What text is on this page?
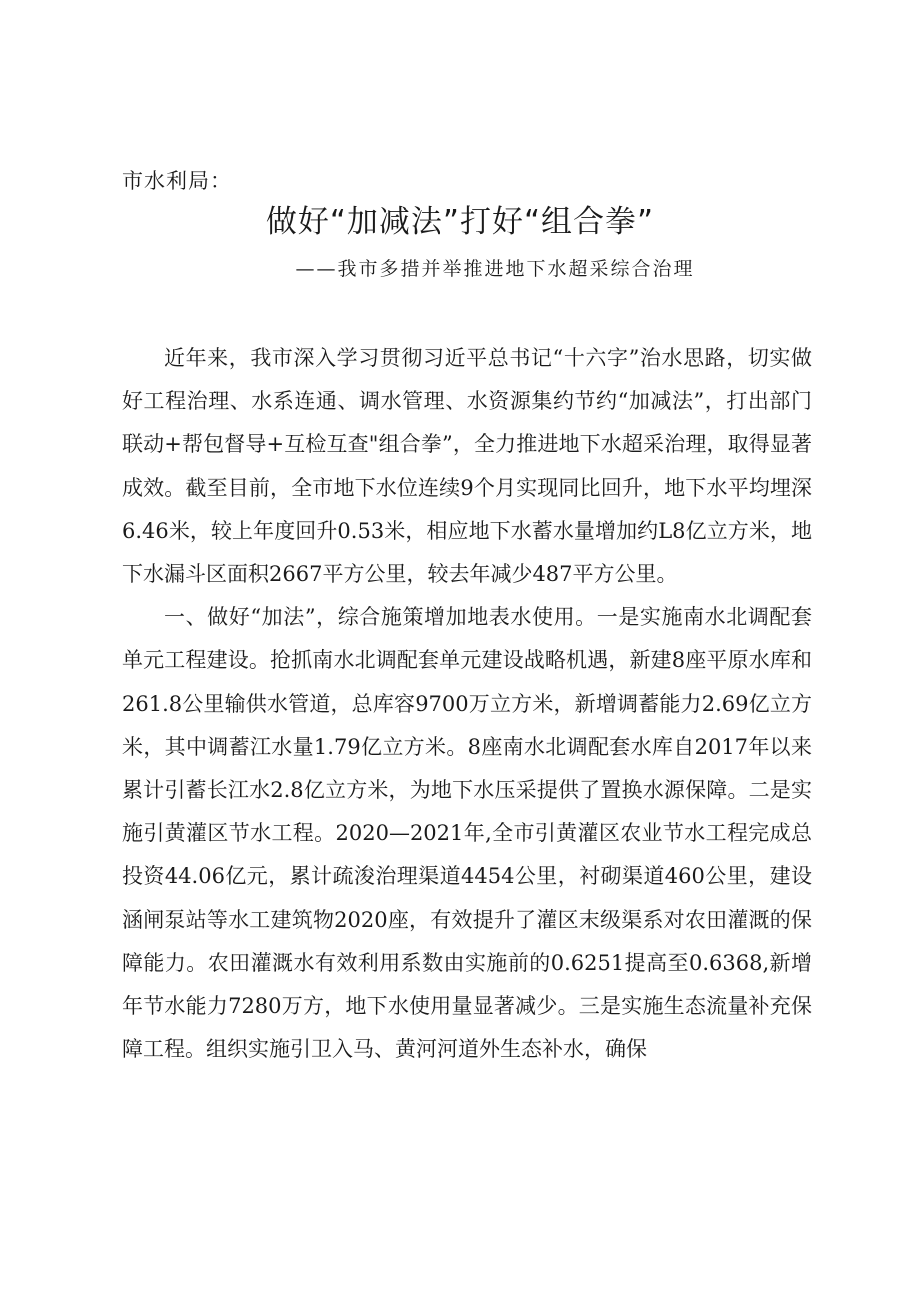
市水利局：
做好“加减法”打好“组合拳”
——我市多措并举推进地下水超采综合治理

近年来，我市深入学习贯彻习近平总书记“十六字”治水思路，切实做好工程治理、水系连通、调水管理、水资源集约节约“加减法”，打出部门联动+帮包督导+互检互查"组合拳”，全力推进地下水超采治理，取得显著成效。截至目前，全市地下水位连续9个月实现同比回升，地下水平均埋深6.46米，较上年度回升0.53米，相应地下水蓄水量增加约L8亿立方米，地下水漏斗区面积2667平方公里，较去年减少487平方公里。

一、做好“加法”，综合施策增加地表水使用。一是实施南水北调配套单元工程建设。抢抓南水北调配套单元建设战略机遇，新建8座平原水库和261.8公里输供水管道，总库容9700万立方米，新增调蓄能力2.69亿立方米，其中调蓄江水量1.79亿立方米。8座南水北调配套水库自2017年以来累计引蓄长江水2.8亿立方米，为地下水压采提供了置换水源保障。二是实施引黄灌区节水工程。2020—2021年,全市引黄灌区农业节水工程完成总投资44.06亿元，累计疏浚治理渠道4454公里，衬砌渠道460公里，建设涵闸泵站等水工建筑物2020座，有效提升了灌区末级渠系对农田灌溉的保障能力。农田灌溉水有效利用系数由实施前的0.6251提高至0.6368,新增年节水能力7280万方，地下水使用量显著减少。三是实施生态流量补充保障工程。组织实施引卫入马、黄河河道外生态补水，确保
